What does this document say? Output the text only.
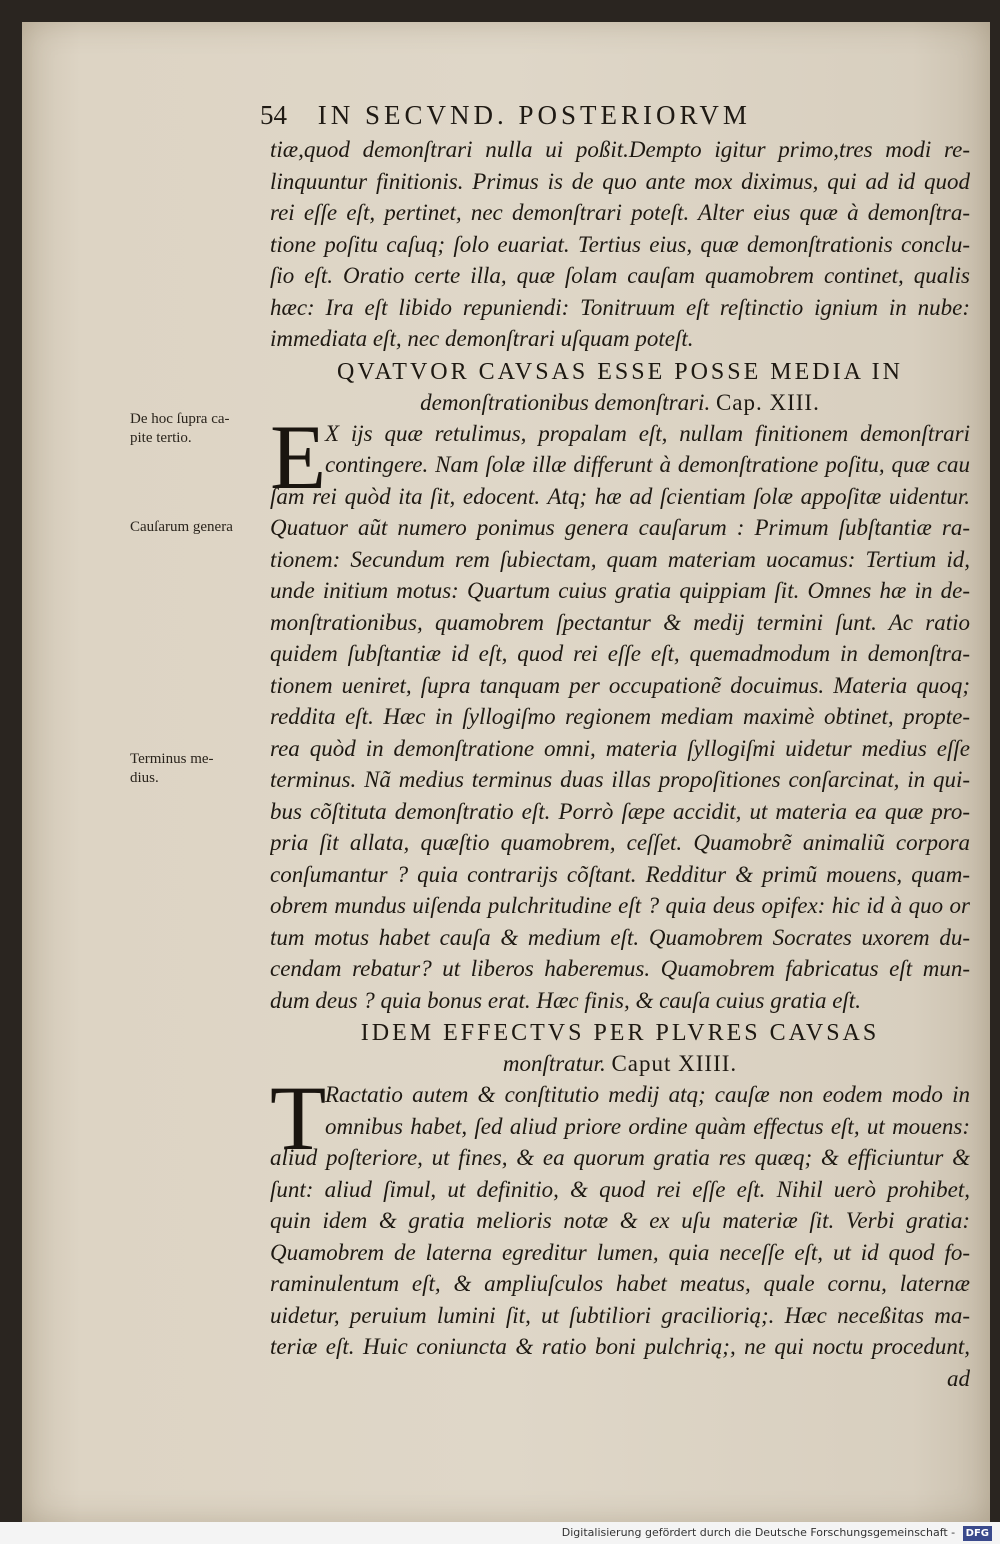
54 IN SECVND. POSTERIORVM
De hoc ſupra ca-
pite tertio.
Cauſarum genera
Terminus me-
dius.
tiæ,quod demonſtrari nulla ui poßit.Dempto igitur primo,tres modi re-
linquuntur finitionis. Primus is de quo ante mox diximus, qui ad id quod
rei eſſe eſt, pertinet, nec demonſtrari poteſt. Alter eius quæ à demonſtra-
tione poſitu caſuq; ſolo euariat. Tertius eius, quæ demonſtrationis conclu-
ſio eſt. Oratio certe illa, quæ ſolam cauſam quamobrem continet, qualis
hæc: Ira eſt libido repuniendi: Tonitruum eſt reſtinctio ignium in nube:
immediata eſt, nec demonſtrari uſquam poteſt.
QVATVOR CAVSAS ESSE POSSE MEDIA IN
demonſtrationibus demonſtrari. Cap. XIII.
E
X ijs quæ retulimus, propalam eſt, nullam finitionem demonſtrari
contingere. Nam ſolæ illæ differunt à demonſtratione poſitu, quæ cau
ſam rei quòd ita ſit, edocent. Atq; hæ ad ſcientiam ſolæ appoſitæ uidentur.
Quatuor aũt numero ponimus genera cauſarum : Primum ſubſtantiæ ra-
tionem: Secundum rem ſubiectam, quam materiam uocamus: Tertium id,
unde initium motus: Quartum cuius gratia quippiam ſit. Omnes hæ in de-
monſtrationibus, quamobrem ſpectantur & medij termini ſunt. Ac ratio
quidem ſubſtantiæ id eſt, quod rei eſſe eſt, quemadmodum in demonſtra-
tionem ueniret, ſupra tanquam per occupationẽ docuimus. Materia quoq;
reddita eſt. Hæc in ſyllogiſmo regionem mediam maximè obtinet, propte-
rea quòd in demonſtratione omni, materia ſyllogiſmi uidetur medius eſſe
terminus. Nã medius terminus duas illas propoſitiones conſarcinat, in qui-
bus cõſtituta demonſtratio eſt. Porrò ſæpe accidit, ut materia ea quæ pro-
pria ſit allata, quæſtio quamobrem, ceſſet. Quamobrẽ animaliũ corpora
conſumantur ? quia contrarijs cõſtant. Redditur & primũ mouens, quam-
obrem mundus uiſenda pulchritudine eſt ? quia deus opifex: hic id à quo or
tum motus habet cauſa & medium eſt. Quamobrem Socrates uxorem du-
cendam rebatur? ut liberos haberemus. Quamobrem fabricatus eſt mun-
dum deus ? quia bonus erat. Hæc finis, & cauſa cuius gratia eſt.
IDEM EFFECTVS PER PLVRES CAVSAS
monſtratur. Caput XIIII.
T
Ractatio autem & conſtitutio medij atq; cauſæ non eodem modo in
omnibus habet, ſed aliud priore ordine quàm effectus eſt, ut mouens:
aliud poſteriore, ut fines, & ea quorum gratia res quæq; & efficiuntur &
ſunt: aliud ſimul, ut definitio, & quod rei eſſe eſt. Nihil uerò prohibet,
quin idem & gratia melioris notæ & ex uſu materiæ ſit. Verbi gratia:
Quamobrem de laterna egreditur lumen, quia neceſſe eſt, ut id quod fo-
raminulentum eſt, & ampliuſculos habet meatus, quale cornu, laternæ
uidetur, peruium lumini ſit, ut ſubtiliori graciliorią;. Hæc neceßitas ma-
teriæ eſt. Huic coniuncta & ratio boni pulchrią;, ne qui noctu procedunt,
ad
Digitalisierung gefördert durch die Deutsche Forschungsgemeinschaft - DFG
